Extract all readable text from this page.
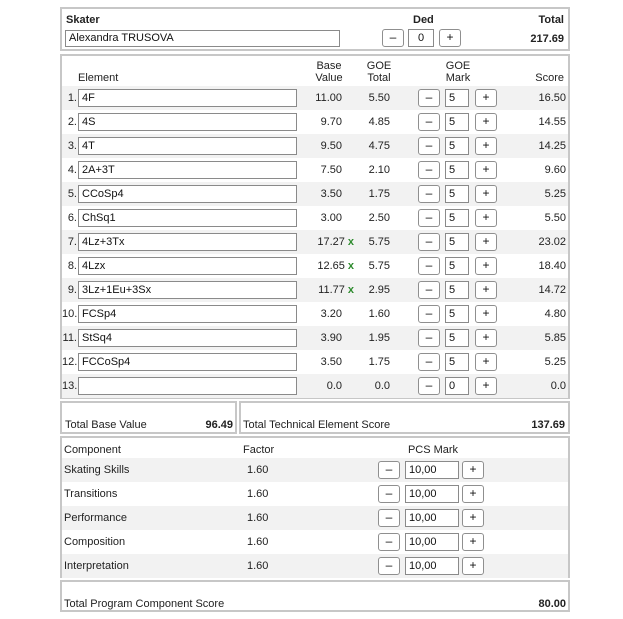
Skater
Alexandra TRUSOVA
Ded
–	0	+
Total
217.69
Element
Base
Value
GOE
Total
GOE
Mark	Score
1. 4F	11.00	5.50	–	5	+	16.50
2. 4S	9.70	4.85	–	5	+	14.55
3. 4T	9.50	4.75	–	5	+	14.25
4. 2A+3T	7.50	2.10	–	5	+	9.60
5. CCoSp4	3.50	1.75	–	5	+	5.25
6. ChSq1	3.00	2.50	–	5	+	5.50
7. 4Lz+3Tx	17.27 x	5.75	–	5	+	23.02
8. 4Lzx	12.65 x	5.75	–	5	+	18.40
9. 3Lz+1Eu+3Sx	11.77 x	2.95	–	5	+	14.72
10. FCSp4	3.20	1.60	–	5	+	4.80
11. StSq4	3.90	1.95	–	5	+	5.85
12. FCCoSp4	3.50	1.75	–	5	+	5.25
13.	0.0	0.0	–	0	+	0.0
Total Base Value	96.49 Total Technical Element Score	137.69
Component	Factor	PCS Mark
Skating Skills	1.60	–	10,00	+
Transitions	1.60	–	10,00	+
Performance	1.60	–	10,00	+
Composition	1.60	–	10,00	+
Interpretation	1.60	–	10,00	+
Total Program Component Score	80.00
